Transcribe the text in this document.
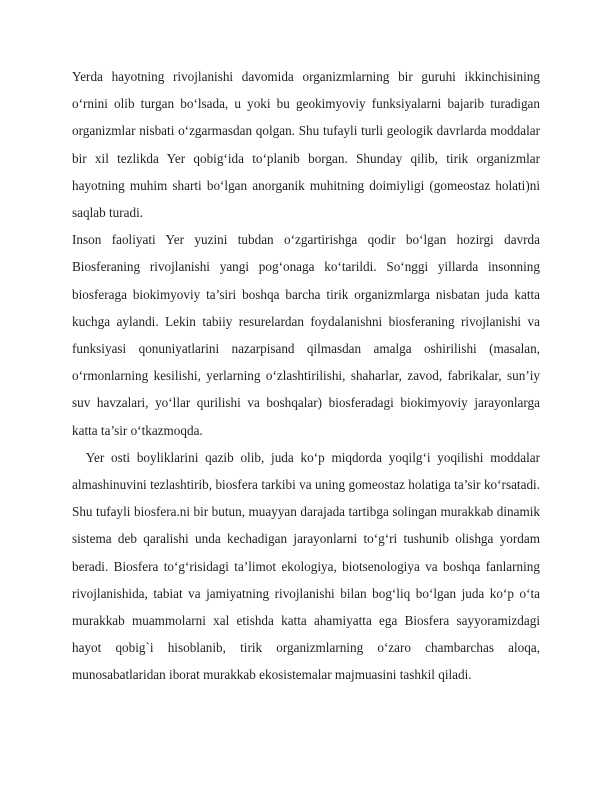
Yerda hayotning rivojlanishi davomida organizmlarning bir guruhi ikkinchisining o‘rnini olib turgan bo‘lsada, u yoki bu geokimyoviy funksiyalarni bajarib turadigan organizmlar nisbati o‘zgarmasdan qolgan. Shu tufayli turli geologik davrlarda moddalar bir xil tezlikda Yer qobig‘ida to‘planib borgan. Shunday qilib, tirik organizmlar hayotning muhim sharti bo‘lgan anorganik muhitning doimiyligi (gomeostaz holati)ni saqlab turadi.

Inson faoliyati Yer yuzini tubdan o‘zgartirishga qodir bo‘lgan hozirgi davrda Biosferaning rivojlanishi yangi pog‘onaga ko‘tarildi. So‘nggi yillarda insonning biosferaga biokimyoviy ta’siri boshqa barcha tirik organizmlarga nisbatan juda katta kuchga aylandi. Lekin tabiiy resurelardan foydalanishni biosferaning rivojlanishi va funksiyasi qonuniyatlarini nazarpisand qilmasdan amalga oshirilishi (masalan, o‘rmonlarning kesilishi, yerlarning o‘zlashtirilishi, shaharlar, zavod, fabrikalar, sun’iy suv havzalari, yo‘llar qurilishi va boshqalar) biosferadagi biokimyoviy jarayonlarga katta ta’sir o‘tkazmoqda.

Yer osti boyliklarini qazib olib, juda ko‘p miqdorda yoqilg‘i yoqilishi moddalar almashinuvini tezlashtirib, biosfera tarkibi va uning gomeostaz holatiga ta’sir ko‘rsatadi. Shu tufayli biosfera.ni bir butun, muayyan darajada tartibga solingan murakkab dinamik sistema deb qaralishi unda kechadigan jarayonlarni to‘g‘ri tushunib olishga yordam beradi. Biosfera to‘g‘risidagi ta’limot ekologiya, biotsenologiya va boshqa fanlarning rivojlanishida, tabiat va jamiyatning rivojlanishi bilan bog‘liq bo‘lgan juda ko‘p o‘ta murakkab muammolarni xal etishda katta ahamiyatta ega Biosfera sayyoramizdagi hayot qobig`i hisoblanib, tirik organizmlarning o‘zaro chambarchas aloqa, munosabatlaridan iborat murakkab ekosistemalar majmuasini tashkil qiladi.
